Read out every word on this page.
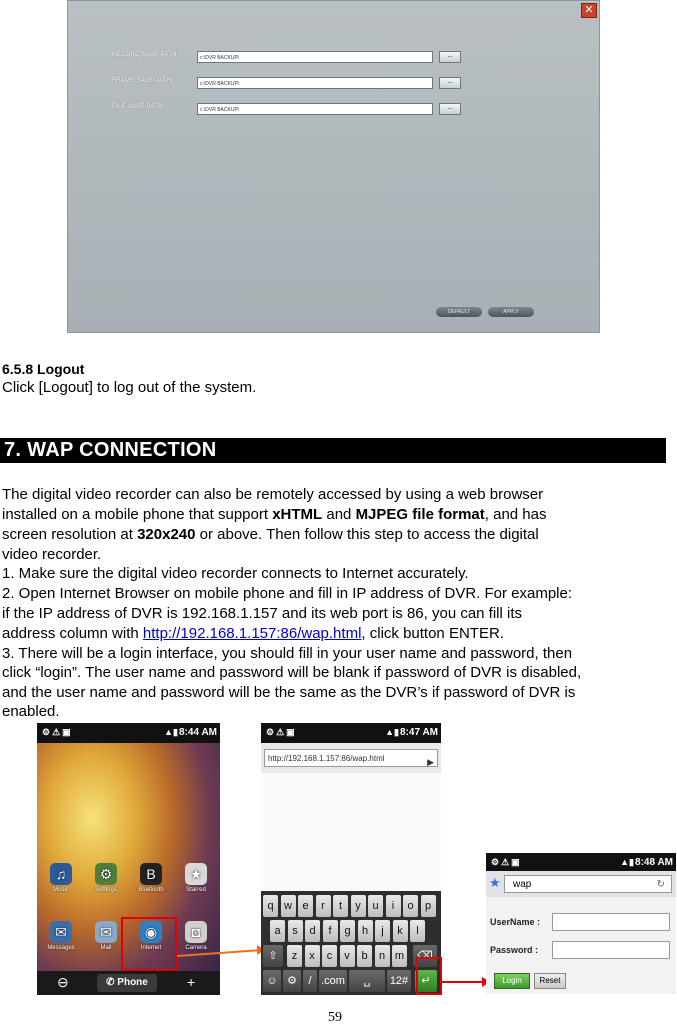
✕
RECORD SAVE PATH	c:\DVR BACKUP\	...
FRAME SAVE PATH	c:\DVR BACKUP\	...
FILE SAVE PATH	c:\DVR BACKUP\	...
DEFAULT	APPLY
6.5.8 Logout
Click [Logout] to log out of the system.
7. WAP CONNECTION
The digital video recorder can also be remotely accessed by using a web browser
installed on a mobile phone that support xHTML and MJPEG file format, and has
screen resolution at 320x240 or above. Then follow this step to access the digital
video recorder.
1. Make sure the digital video recorder connects to Internet accurately.
2. Open Internet Browser on mobile phone and fill in IP address of DVR. For example:
if the IP address of DVR is 192.168.1.157 and its web port is 86, you can fill its
address column with http://192.168.1.157:86/wap.html, click button ENTER.
3. There will be a login interface, you should fill in your user name and password, then
click “login”. The user name and password will be blank if password of DVR is disabled,
and the user name and password will be the same as the DVR’s if password of DVR is
enabled.
⚙⚠▣	▲▮ 8:44 AM
♫
Music
⚙
Settings
B
Bluetooth
★
Starred
✉
Messages
✉
Mail
◉
Internet
◘
Camera
⊖	✆ Phone	+
⚙⚠▣	▲▮ 8:47 AM
http://192.168.1.157:86/wap.html	▶
q w e	r	t	y	u	i	o	p
a	s	d	f	g	h	j	k	l
z	x	c	v	b	n m
⇧	⌫
☺ ⚙	/ .com	␣	12#	↵
⚙⚠▣	▲▮ 8:48 AM
★	wap	↻
UserName :
Password :
Login	Reset
59
